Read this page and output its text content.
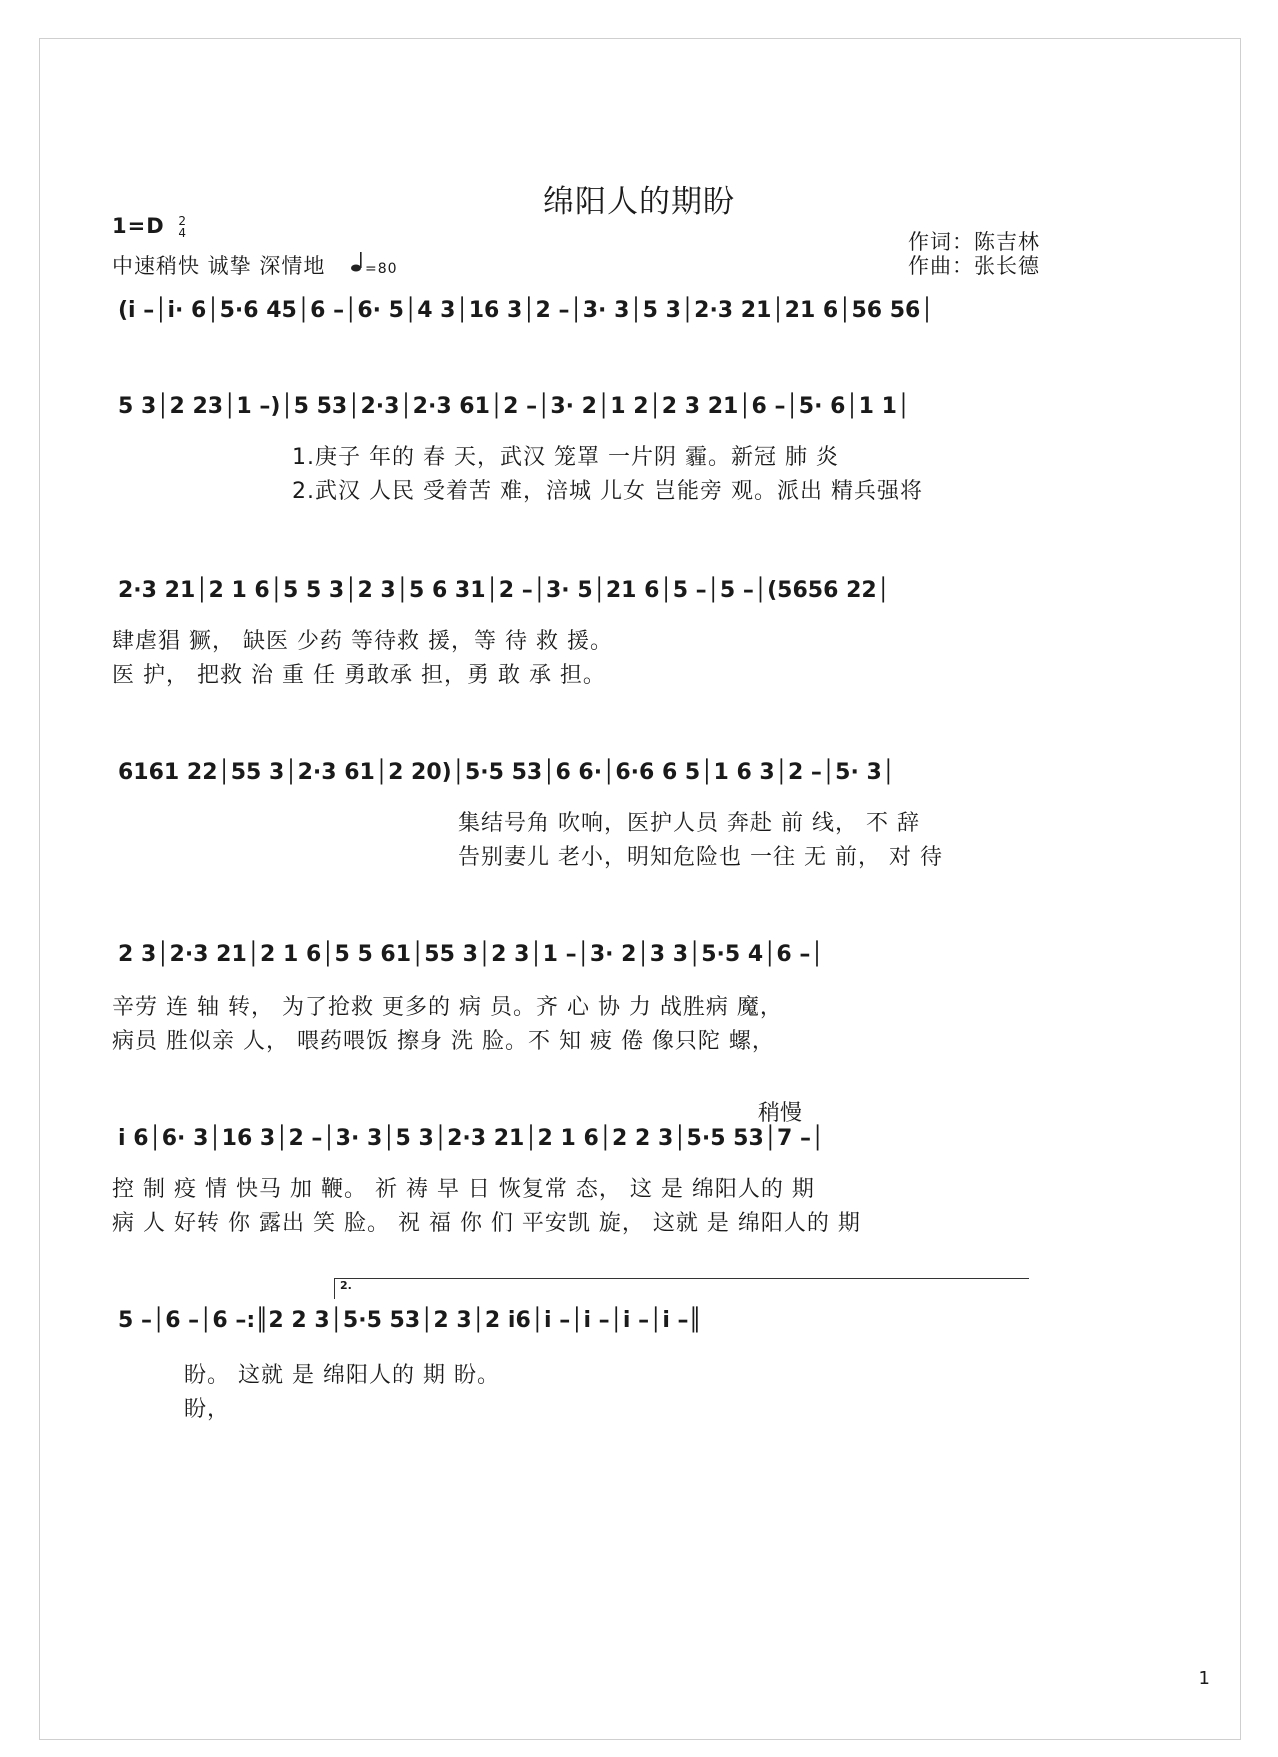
绵阳人的期盼
1=D 2
4
中速稍快 诚挚 深情地	=80
作词：陈吉林
作曲：张长德
(i –│i· 6│5·6 45│6 –│6· 5│4 3│16 3│2 –│3· 3│5 3│2·3 21│21 6│56 56│
5 3│2 23│1 –)│5 53│2·3│2·3 61│2 –│3· 2│1 2│2 3 21│6 –│5· 6│1 1│
1.庚子 年的 春 天，武汉 笼罩 一片阴 霾。新冠 肺 炎
2.武汉 人民 受着苦 难，涪城 儿女 岂能旁 观。派出 精兵强将
2·3 21│2 1 6│5 5 3│2 3│5 6 31│2 –│3· 5│21 6│5 –│5 –│(5656 22│
肆虐猖 獗， 缺医 少药 等待救 援，等 待 救 援。
医 护， 把救 治 重 任 勇敢承 担，勇 敢 承 担。
6161 22│55 3│2·3 61│2 20)│5·5 53│6 6·│6·6 6 5│1 6 3│2 –│5· 3│
集结号角 吹响，医护人员 奔赴 前 线， 不 辞
告别妻儿 老小，明知危险也 一往 无 前， 对 待
2 3│2·3 21│2 1 6│5 5 61│55 3│2 3│1 –│3· 2│3 3│5·5 4│6 –│
辛劳 连 轴 转， 为了抢救 更多的 病 员。齐 心 协 力 战胜病 魔，
病员 胜似亲 人， 喂药喂饭 擦身 洗 脸。不 知 疲 倦 像只陀 螺，
稍慢
i 6│6· 3│16 3│2 –│3· 3│5 3│2·3 21│2 1 6│2 2 3│5·5 53│7 –│
控 制 疫 情 快马 加 鞭。 祈 祷 早 日 恢复常 态， 这 是 绵阳人的 期
病 人 好转 你 露出 笑 脸。 祝 福 你 们 平安凯 旋， 这就 是 绵阳人的 期
2.
5 –│6 –│6 –:║2 2 3│5·5 53│2 3│2 i6│i –│i –│i –│i –║
盼。 这就 是 绵阳人的 期 盼。
盼，
1
